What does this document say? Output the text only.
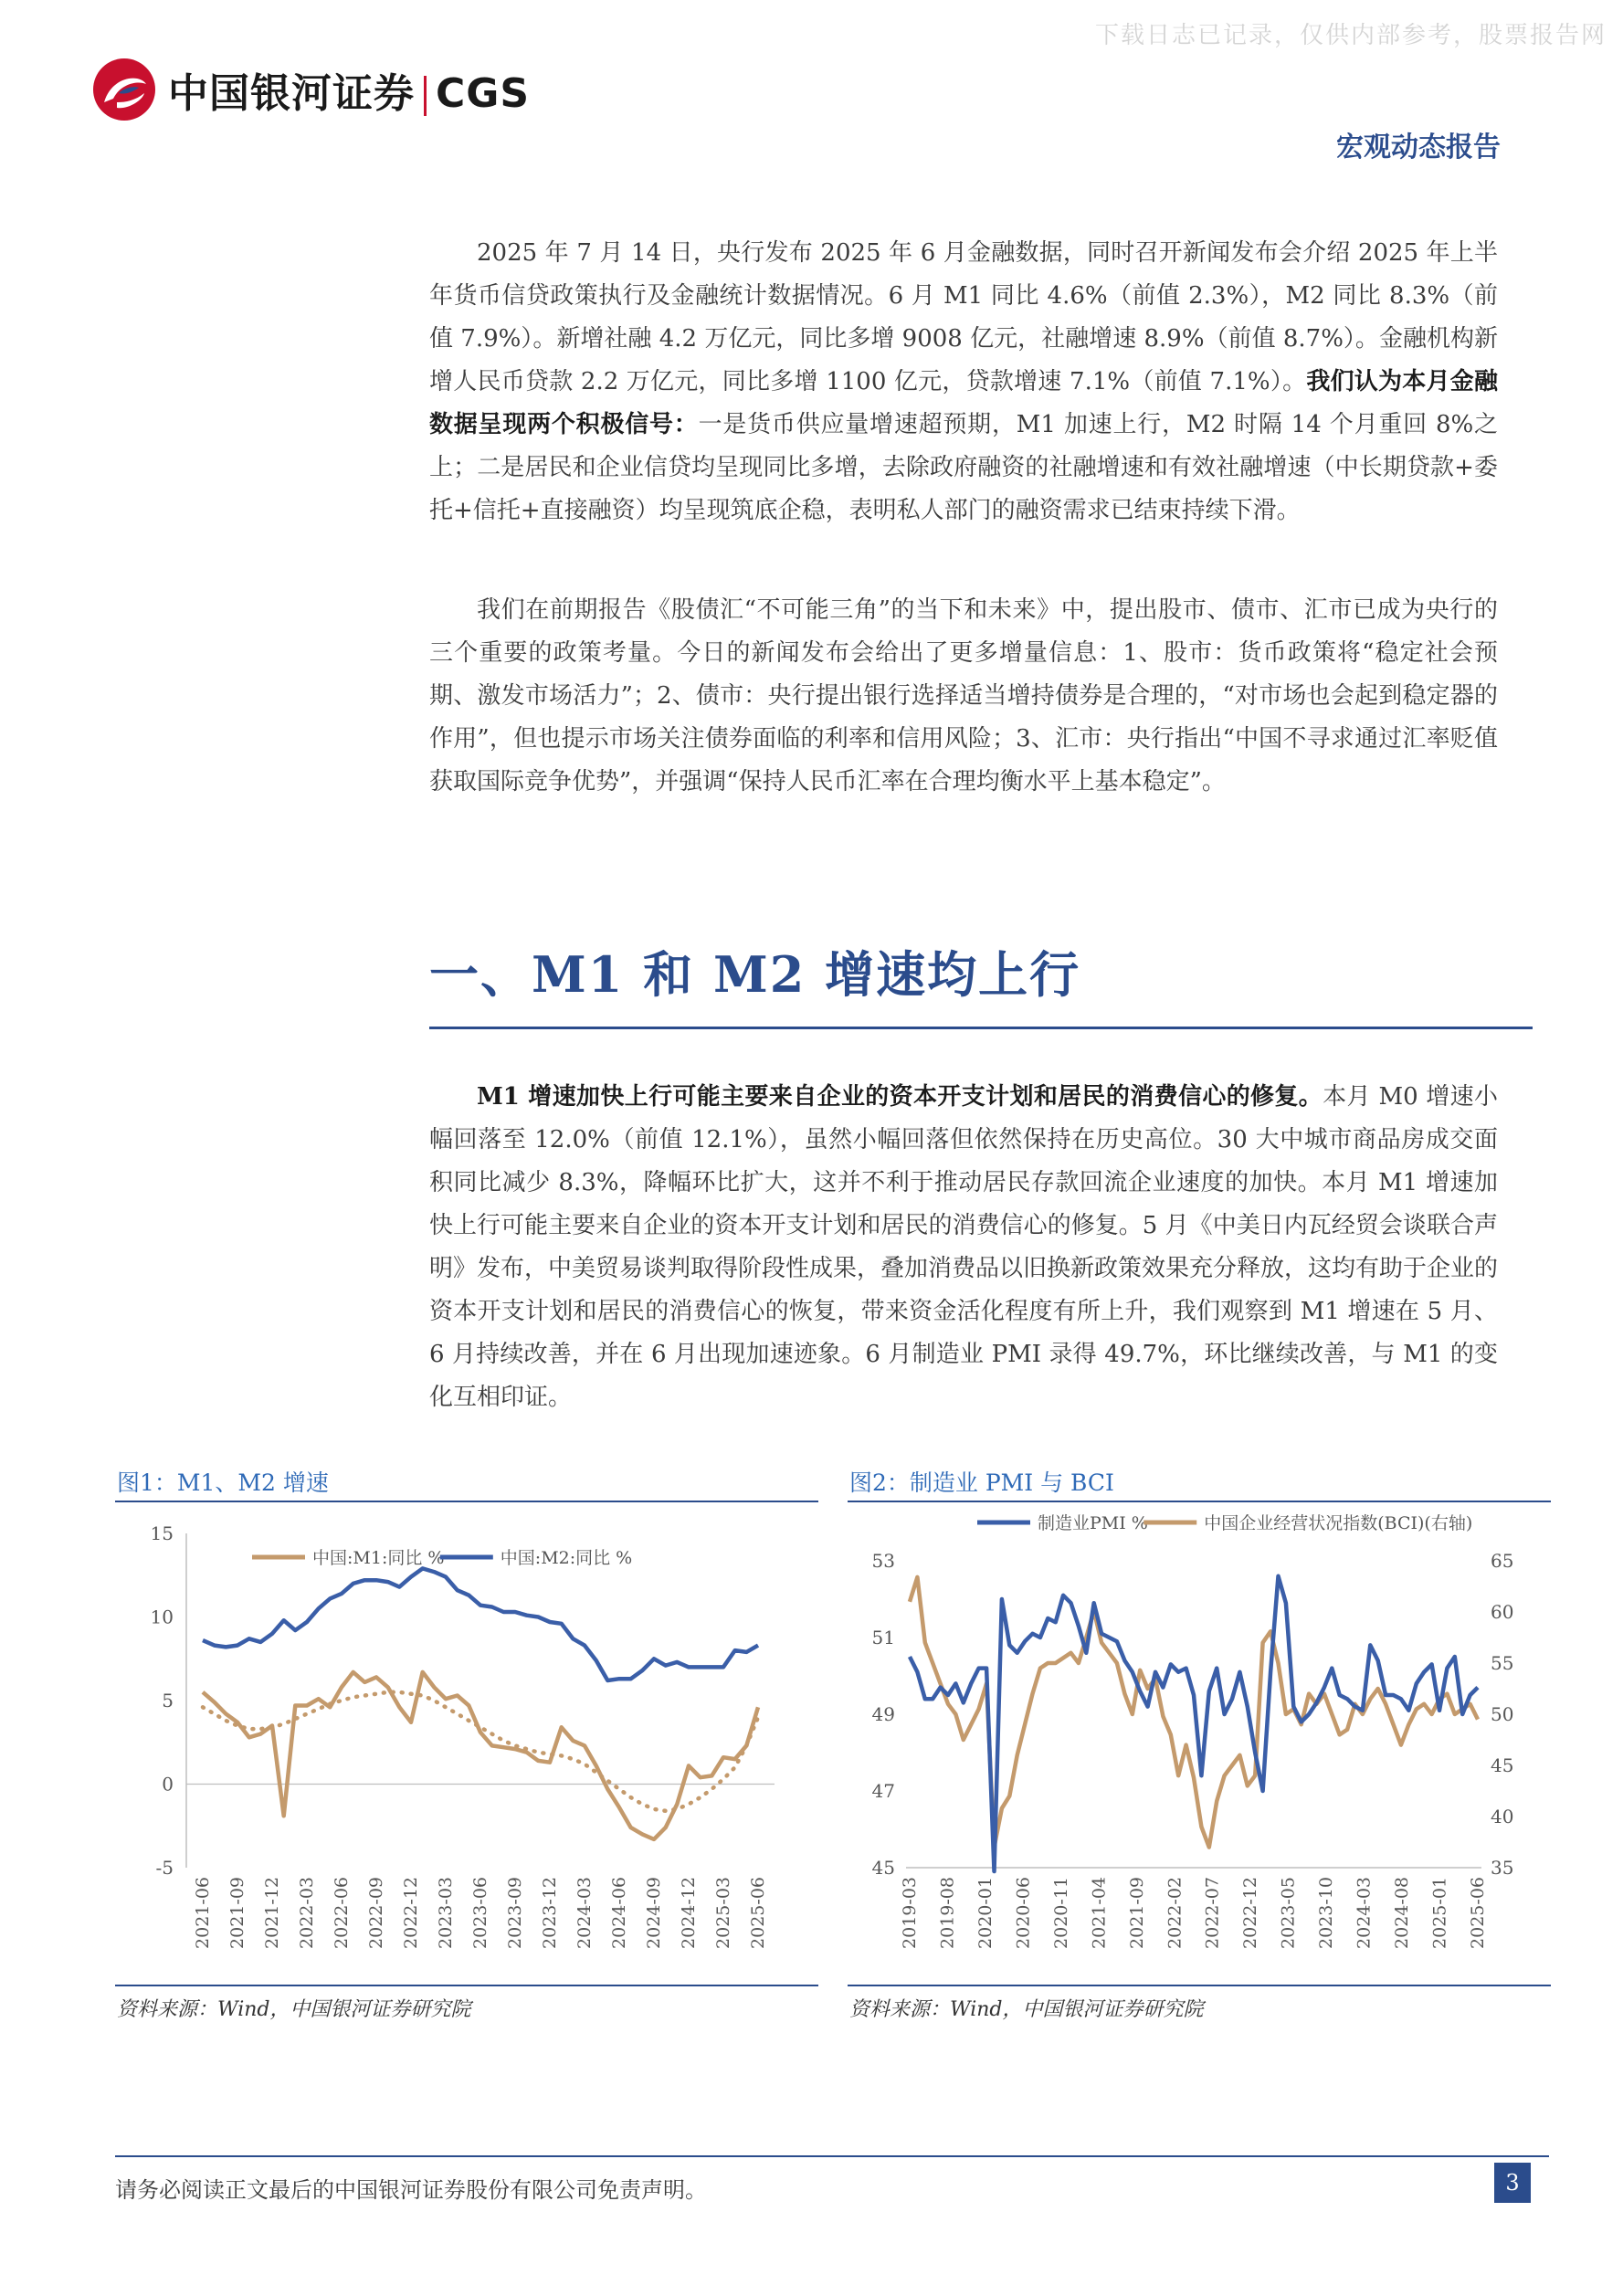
下载日志已记录，仅供内部参考，股票报告网
中国银河证券 CGS
宏观动态报告

2025 年 7 月 14 日，央行发布 2025 年 6 月金融数据，同时召开新闻发布会介绍 2025 年上半年货币信贷政策执行及金融统计数据情况。6 月 M1 同比 4.6%（前值 2.3%），M2 同比 8.3%（前值 7.9%）。新增社融 4.2 万亿元，同比多增 9008 亿元，社融增速 8.9%（前值 8.7%）。金融机构新增人民币贷款 2.2 万亿元，同比多增 1100 亿元，贷款增速 7.1%（前值 7.1%）。我们认为本月金融数据呈现两个积极信号：一是货币供应量增速超预期，M1 加速上行，M2 时隔 14 个月重回 8%之上；二是居民和企业信贷均呈现同比多增，去除政府融资的社融增速和有效社融增速（中长期贷款+委托+信托+直接融资）均呈现筑底企稳，表明私人部门的融资需求已结束持续下滑。

我们在前期报告《股债汇“不可能三角”的当下和未来》中，提出股市、债市、汇市已成为央行的三个重要的政策考量。今日的新闻发布会给出了更多增量信息：1、股市：货币政策将“稳定社会预期、激发市场活力”；2、债市：央行提出银行选择适当增持债券是合理的，“对市场也会起到稳定器的作用”，但也提示市场关注债券面临的利率和信用风险；3、汇市：央行指出“中国不寻求通过汇率贬值获取国际竞争优势”，并强调“保持人民币汇率在合理均衡水平上基本稳定”。

一、M1 和 M2 增速均上行

M1 增速加快上行可能主要来自企业的资本开支计划和居民的消费信心的修复。本月 M0 增速小幅回落至 12.0%（前值 12.1%），虽然小幅回落但依然保持在历史高位。30 大中城市商品房成交面积同比减少 8.3%，降幅环比扩大，这并不利于推动居民存款回流企业速度的加快。本月 M1 增速加快上行可能主要来自企业的资本开支计划和居民的消费信心的修复。5 月《中美日内瓦经贸会谈联合声明》发布，中美贸易谈判取得阶段性成果，叠加消费品以旧换新政策效果充分释放，这均有助于企业的资本开支计划和居民的消费信心的恢复，带来资金活化程度有所上升，我们观察到 M1 增速在 5 月、6 月持续改善，并在 6 月出现加速迹象。6 月制造业 PMI 录得 49.7%，环比继续改善，与 M1 的变化互相印证。

图1：M1、M2 增速
-5
0
5
10
15
2021-06 2021-09 2021-12 2022-03 2022-06 2022-09 2022-12 2023-03 2023-06 2023-09 2023-12 2024-03 2024-06 2024-09 2024-12 2025-03 2025-06
中国:M1:同比 %	中国:M2:同比 %
资料来源：Wind，中国银河证券研究院
图2：制造业 PMI 与 BCI
45
47
49
51
53
35
40
45
50
55
60
65
2019-03 2019-08 2020-01 2020-06 2020-11 2021-04 2021-09 2022-02 2022-07 2022-12 2023-05 2023-10 2024-03 2024-08 2025-01 2025-06
制造业PMI %	中国企业经营状况指数(BCI)(右轴)
资料来源：Wind，中国银河证券研究院
请务必阅读正文最后的中国银河证券股份有限公司免责声明。	3
